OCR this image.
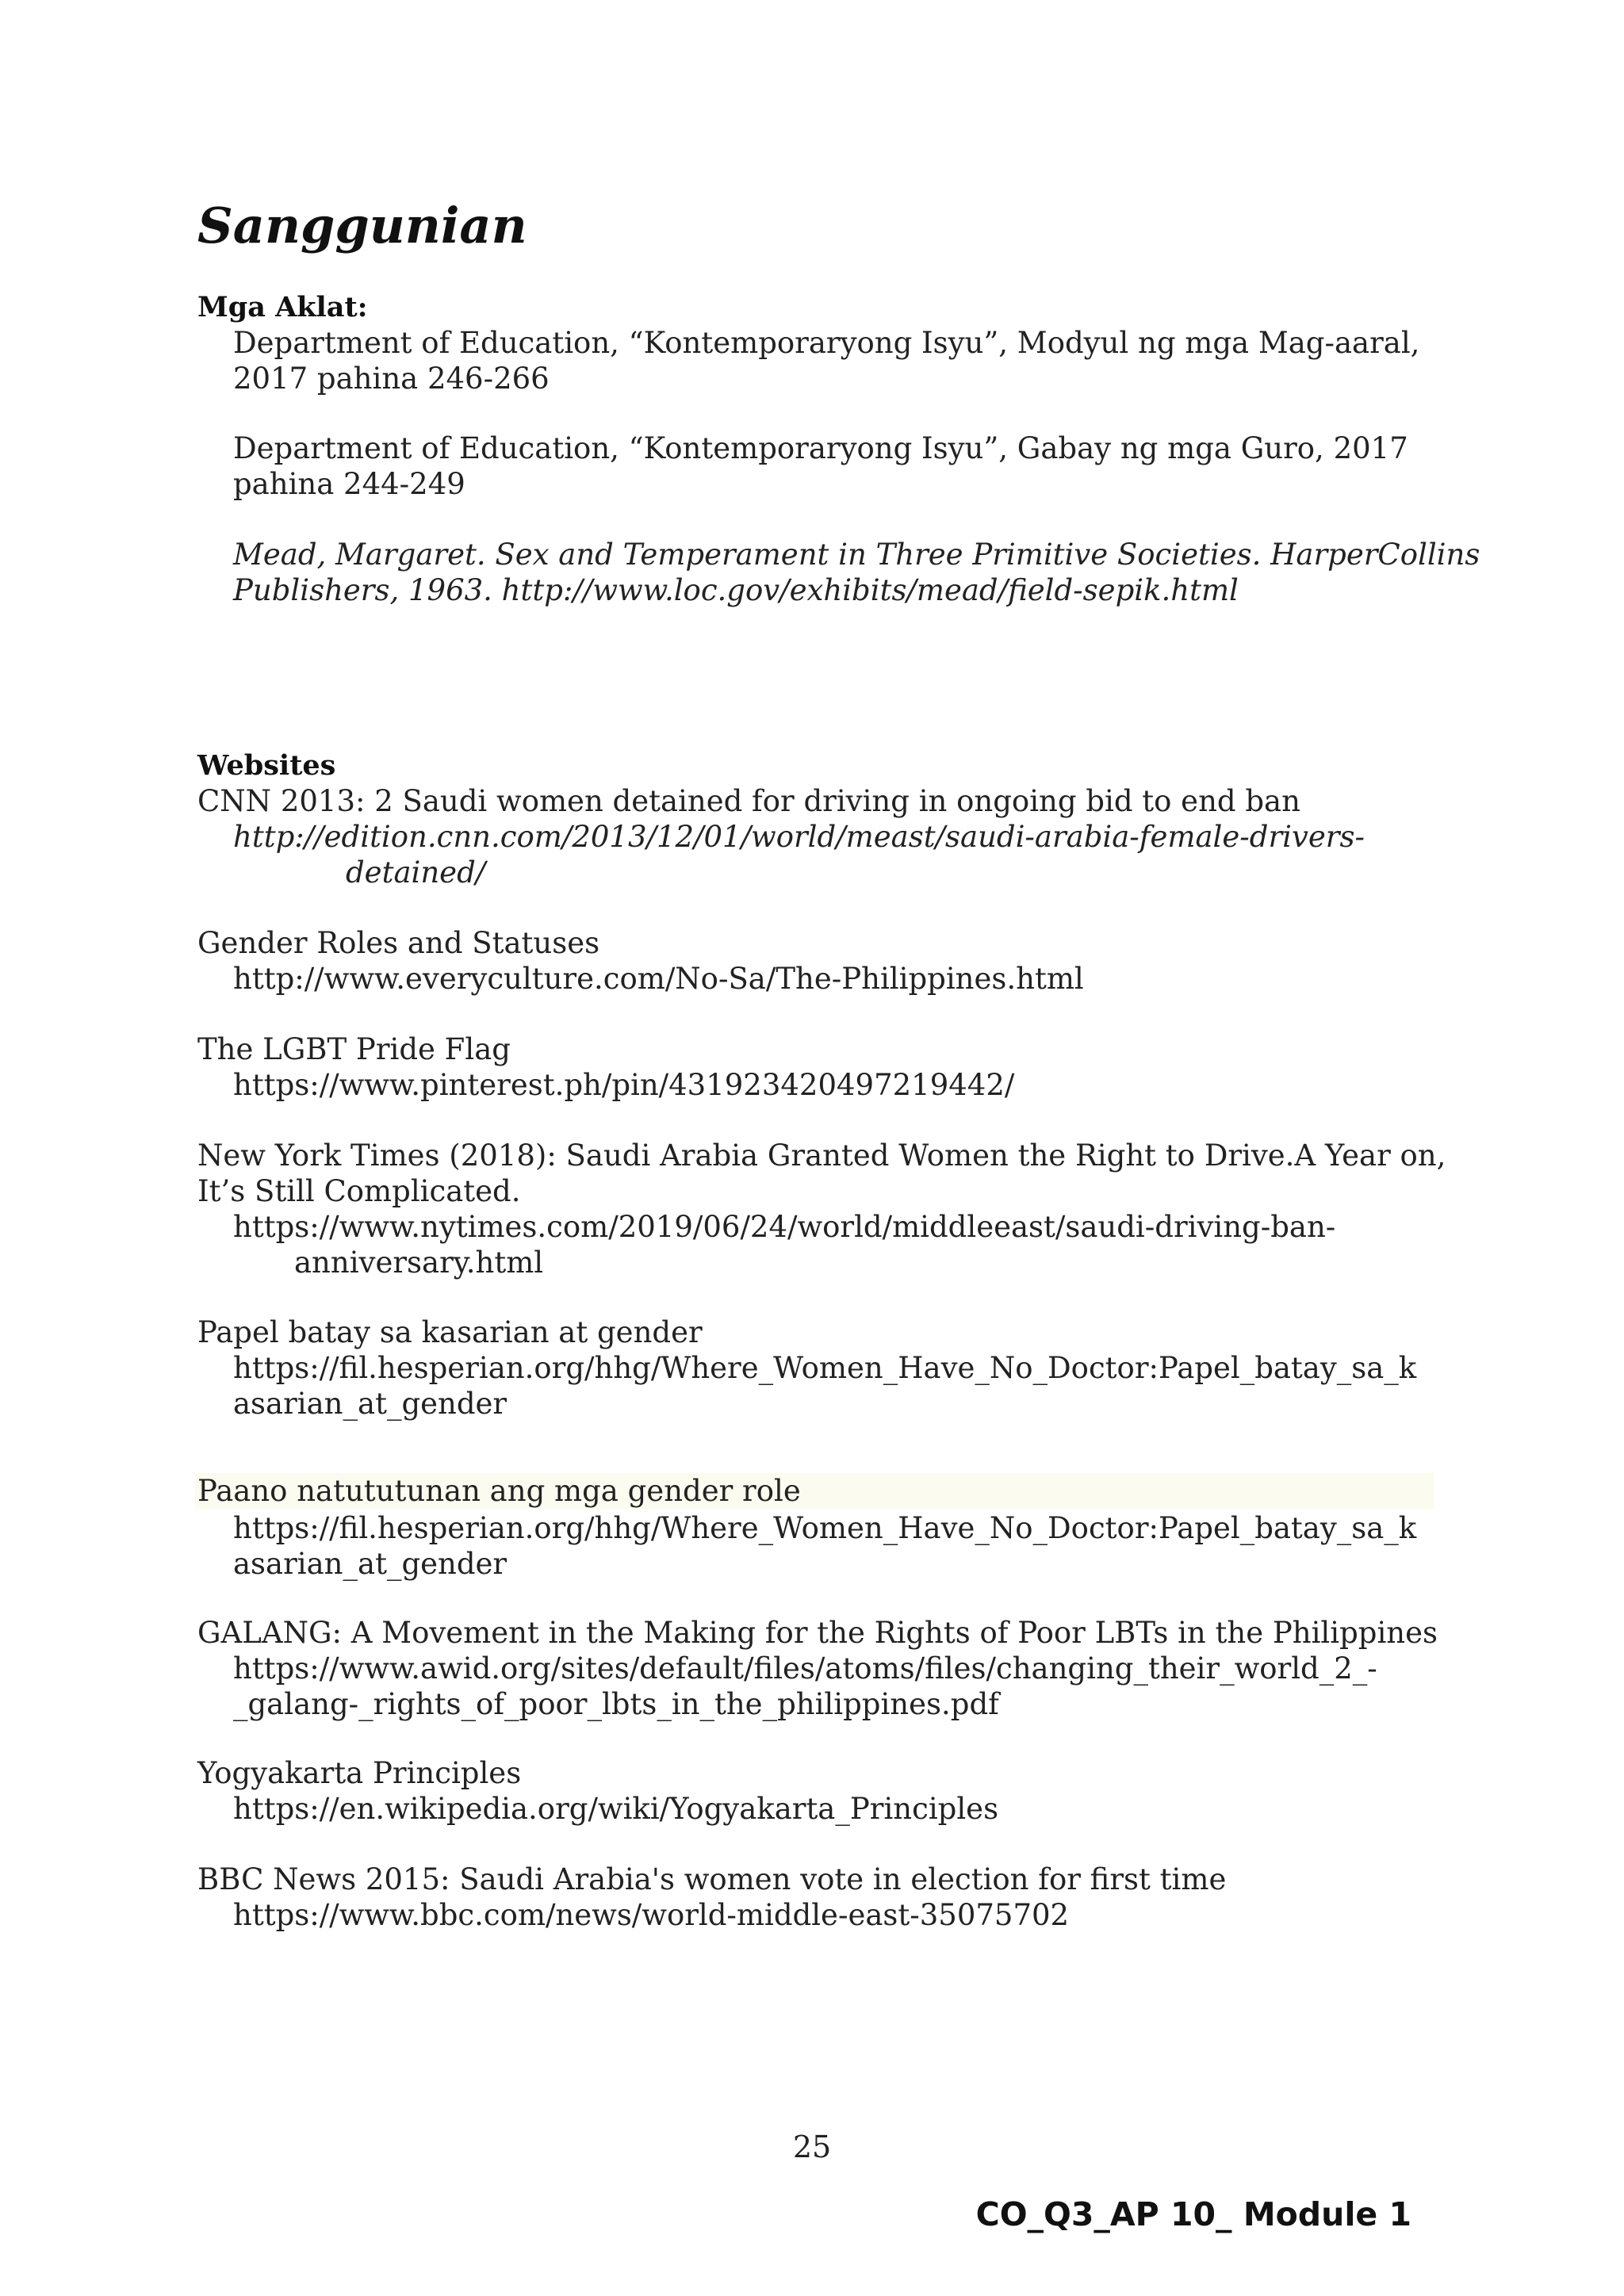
Sanggunian
Mga Aklat:
Department of Education, “Kontemporaryong Isyu”, Modyul ng mga Mag-aaral,
2017 pahina 246-266
Department of Education, “Kontemporaryong Isyu”, Gabay ng mga Guro, 2017
pahina 244-249
Mead, Margaret. Sex and Temperament in Three Primitive Societies. HarperCollins
Publishers, 1963. http://www.loc.gov/exhibits/mead/field-sepik.html
Websites
CNN 2013: 2 Saudi women detained for driving in ongoing bid to end ban
http://edition.cnn.com/2013/12/01/world/meast/saudi-arabia-female-drivers-
detained/
Gender Roles and Statuses
http://www.everyculture.com/No-Sa/The-Philippines.html
The LGBT Pride Flag
https://www.pinterest.ph/pin/431923420497219442/
New York Times (2018): Saudi Arabia Granted Women the Right to Drive.A Year on,
It’s Still Complicated.
https://www.nytimes.com/2019/06/24/world/middleeast/saudi-driving-ban-
anniversary.html
Papel batay sa kasarian at gender
https://fil.hesperian.org/hhg/Where_Women_Have_No_Doctor:Papel_batay_sa_k
asarian_at_gender
Paano natututunan ang mga gender role
https://fil.hesperian.org/hhg/Where_Women_Have_No_Doctor:Papel_batay_sa_k
asarian_at_gender
GALANG: A Movement in the Making for the Rights of Poor LBTs in the Philippines
https://www.awid.org/sites/default/files/atoms/files/changing_their_world_2_-
_galang-_rights_of_poor_lbts_in_the_philippines.pdf
Yogyakarta Principles
https://en.wikipedia.org/wiki/Yogyakarta_Principles
BBC News 2015: Saudi Arabia's women vote in election for first time
https://www.bbc.com/news/world-middle-east-35075702
25
CO_Q3_AP 10_ Module 1
